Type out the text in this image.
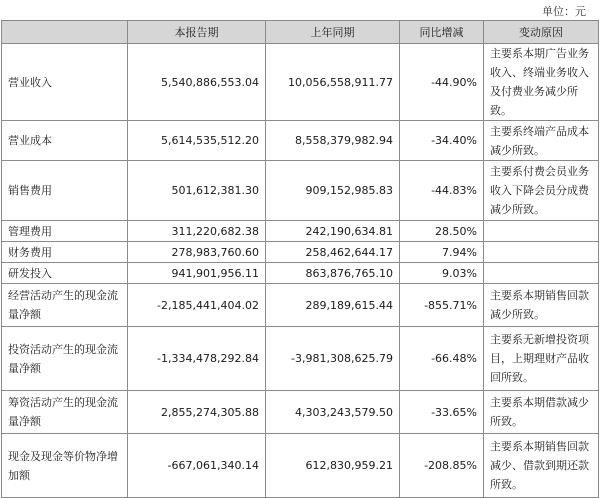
单位：元
	本报告期	上年同期	同比增减	变动原因
营业收入	5,540,886,553.04	10,056,558,911.77	-44.90%	主要系本期广告业务收入、终端业务收入及付费业务减少所致。
营业成本	5,614,535,512.20	8,558,379,982.94	-34.40%	主要系终端产品成本减少所致。
销售费用	501,612,381.30	909,152,985.83	-44.83%	主要系付费会员业务收入下降会员分成费减少所致。
管理费用	311,220,682.38	242,190,634.81	28.50%	
财务费用	278,983,760.60	258,462,644.17	7.94%	
研发投入	941,901,956.11	863,876,765.10	9.03%	
经营活动产生的现金流量净额	-2,185,441,404.02	289,189,615.44	-855.71%	主要系本期销售回款减少所致。
投资活动产生的现金流量净额	-1,334,478,292.84	-3,981,308,625.79	-66.48%	主要系无新增投资项目，上期理财产品收回所致。
筹资活动产生的现金流量净额	2,855,274,305.88	4,303,243,579.50	-33.65%	主要系本期借款减少所致。
现金及现金等价物净增加额	-667,061,340.14	612,830,959.21	-208.85%	主要系本期销售回款减少、借款到期还款所致。
